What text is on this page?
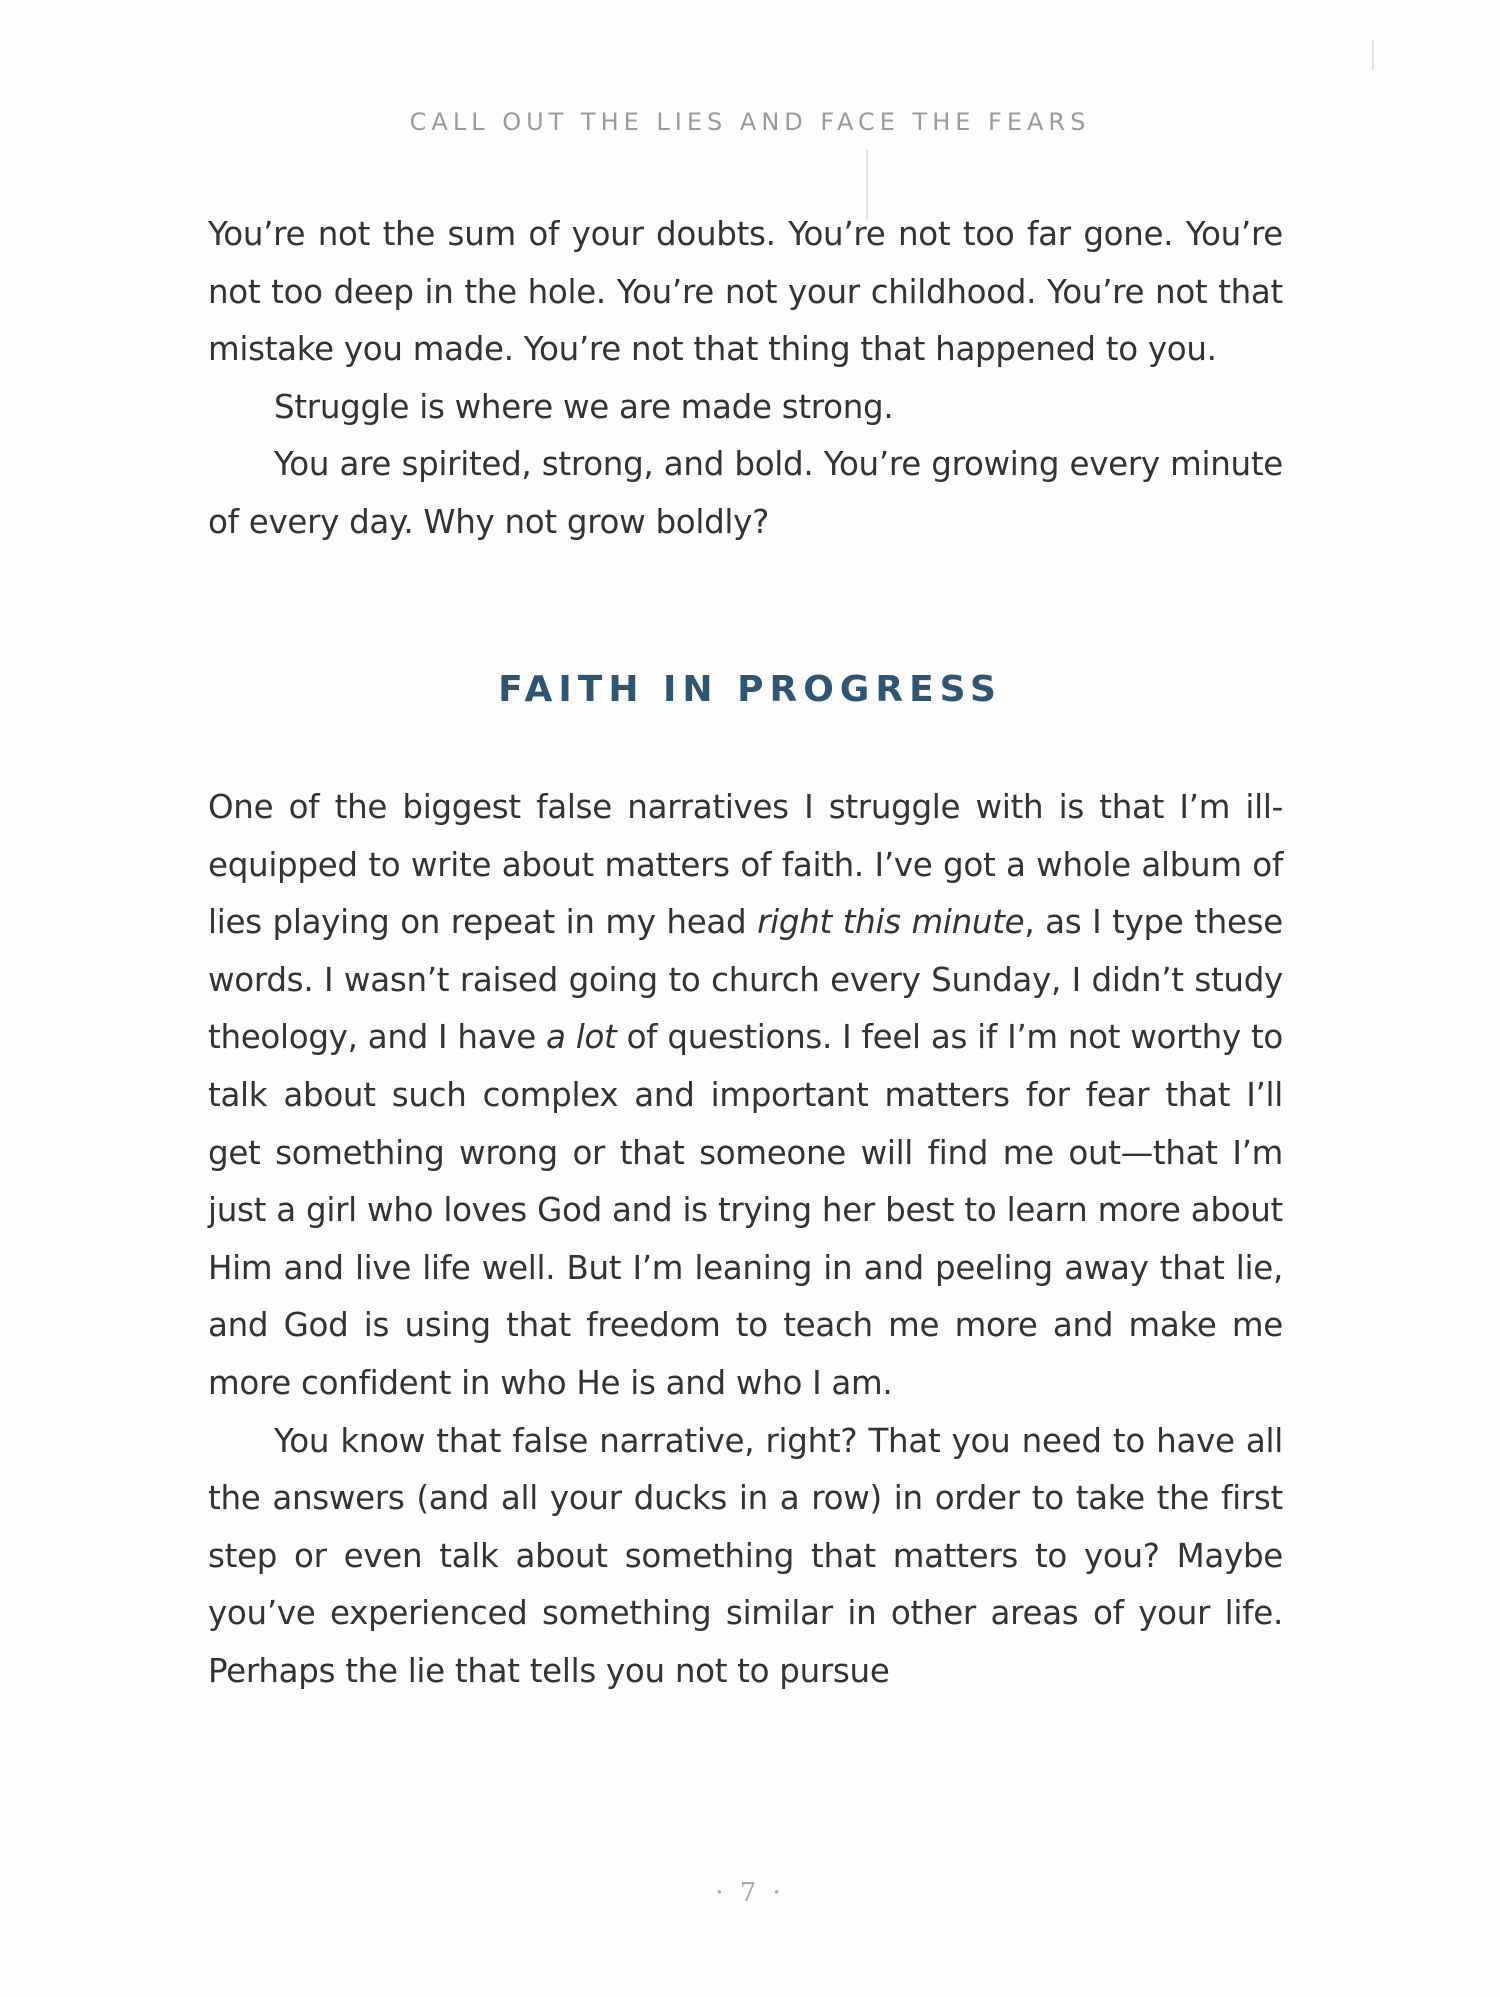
CALL OUT THE LIES AND FACE THE FEARS

You’re not the sum of your doubts. You’re not too far gone. You’re not too deep in the hole. You’re not your childhood. You’re not that mistake you made. You’re not that thing that happened to you.

Struggle is where we are made strong.

You are spirited, strong, and bold. You’re growing every minute of every day. Why not grow boldly?

FAITH IN PROGRESS

One of the biggest false narratives I struggle with is that I’m ill-equipped to write about matters of faith. I’ve got a whole album of lies playing on repeat in my head right this minute, as I type these words. I wasn’t raised going to church every Sunday, I didn’t study theology, and I have a lot of questions. I feel as if I’m not worthy to talk about such complex and important matters for fear that I’ll get something wrong or that someone will find me out—that I’m just a girl who loves God and is trying her best to learn more about Him and live life well. But I’m leaning in and peeling away that lie, and God is using that freedom to teach me more and make me more confident in who He is and who I am.

You know that false narrative, right? That you need to have all the answers (and all your ducks in a row) in order to take the first step or even talk about something that matters to you? Maybe you’ve experienced something similar in other areas of your life. Perhaps the lie that tells you not to pursue

· 7 ·
